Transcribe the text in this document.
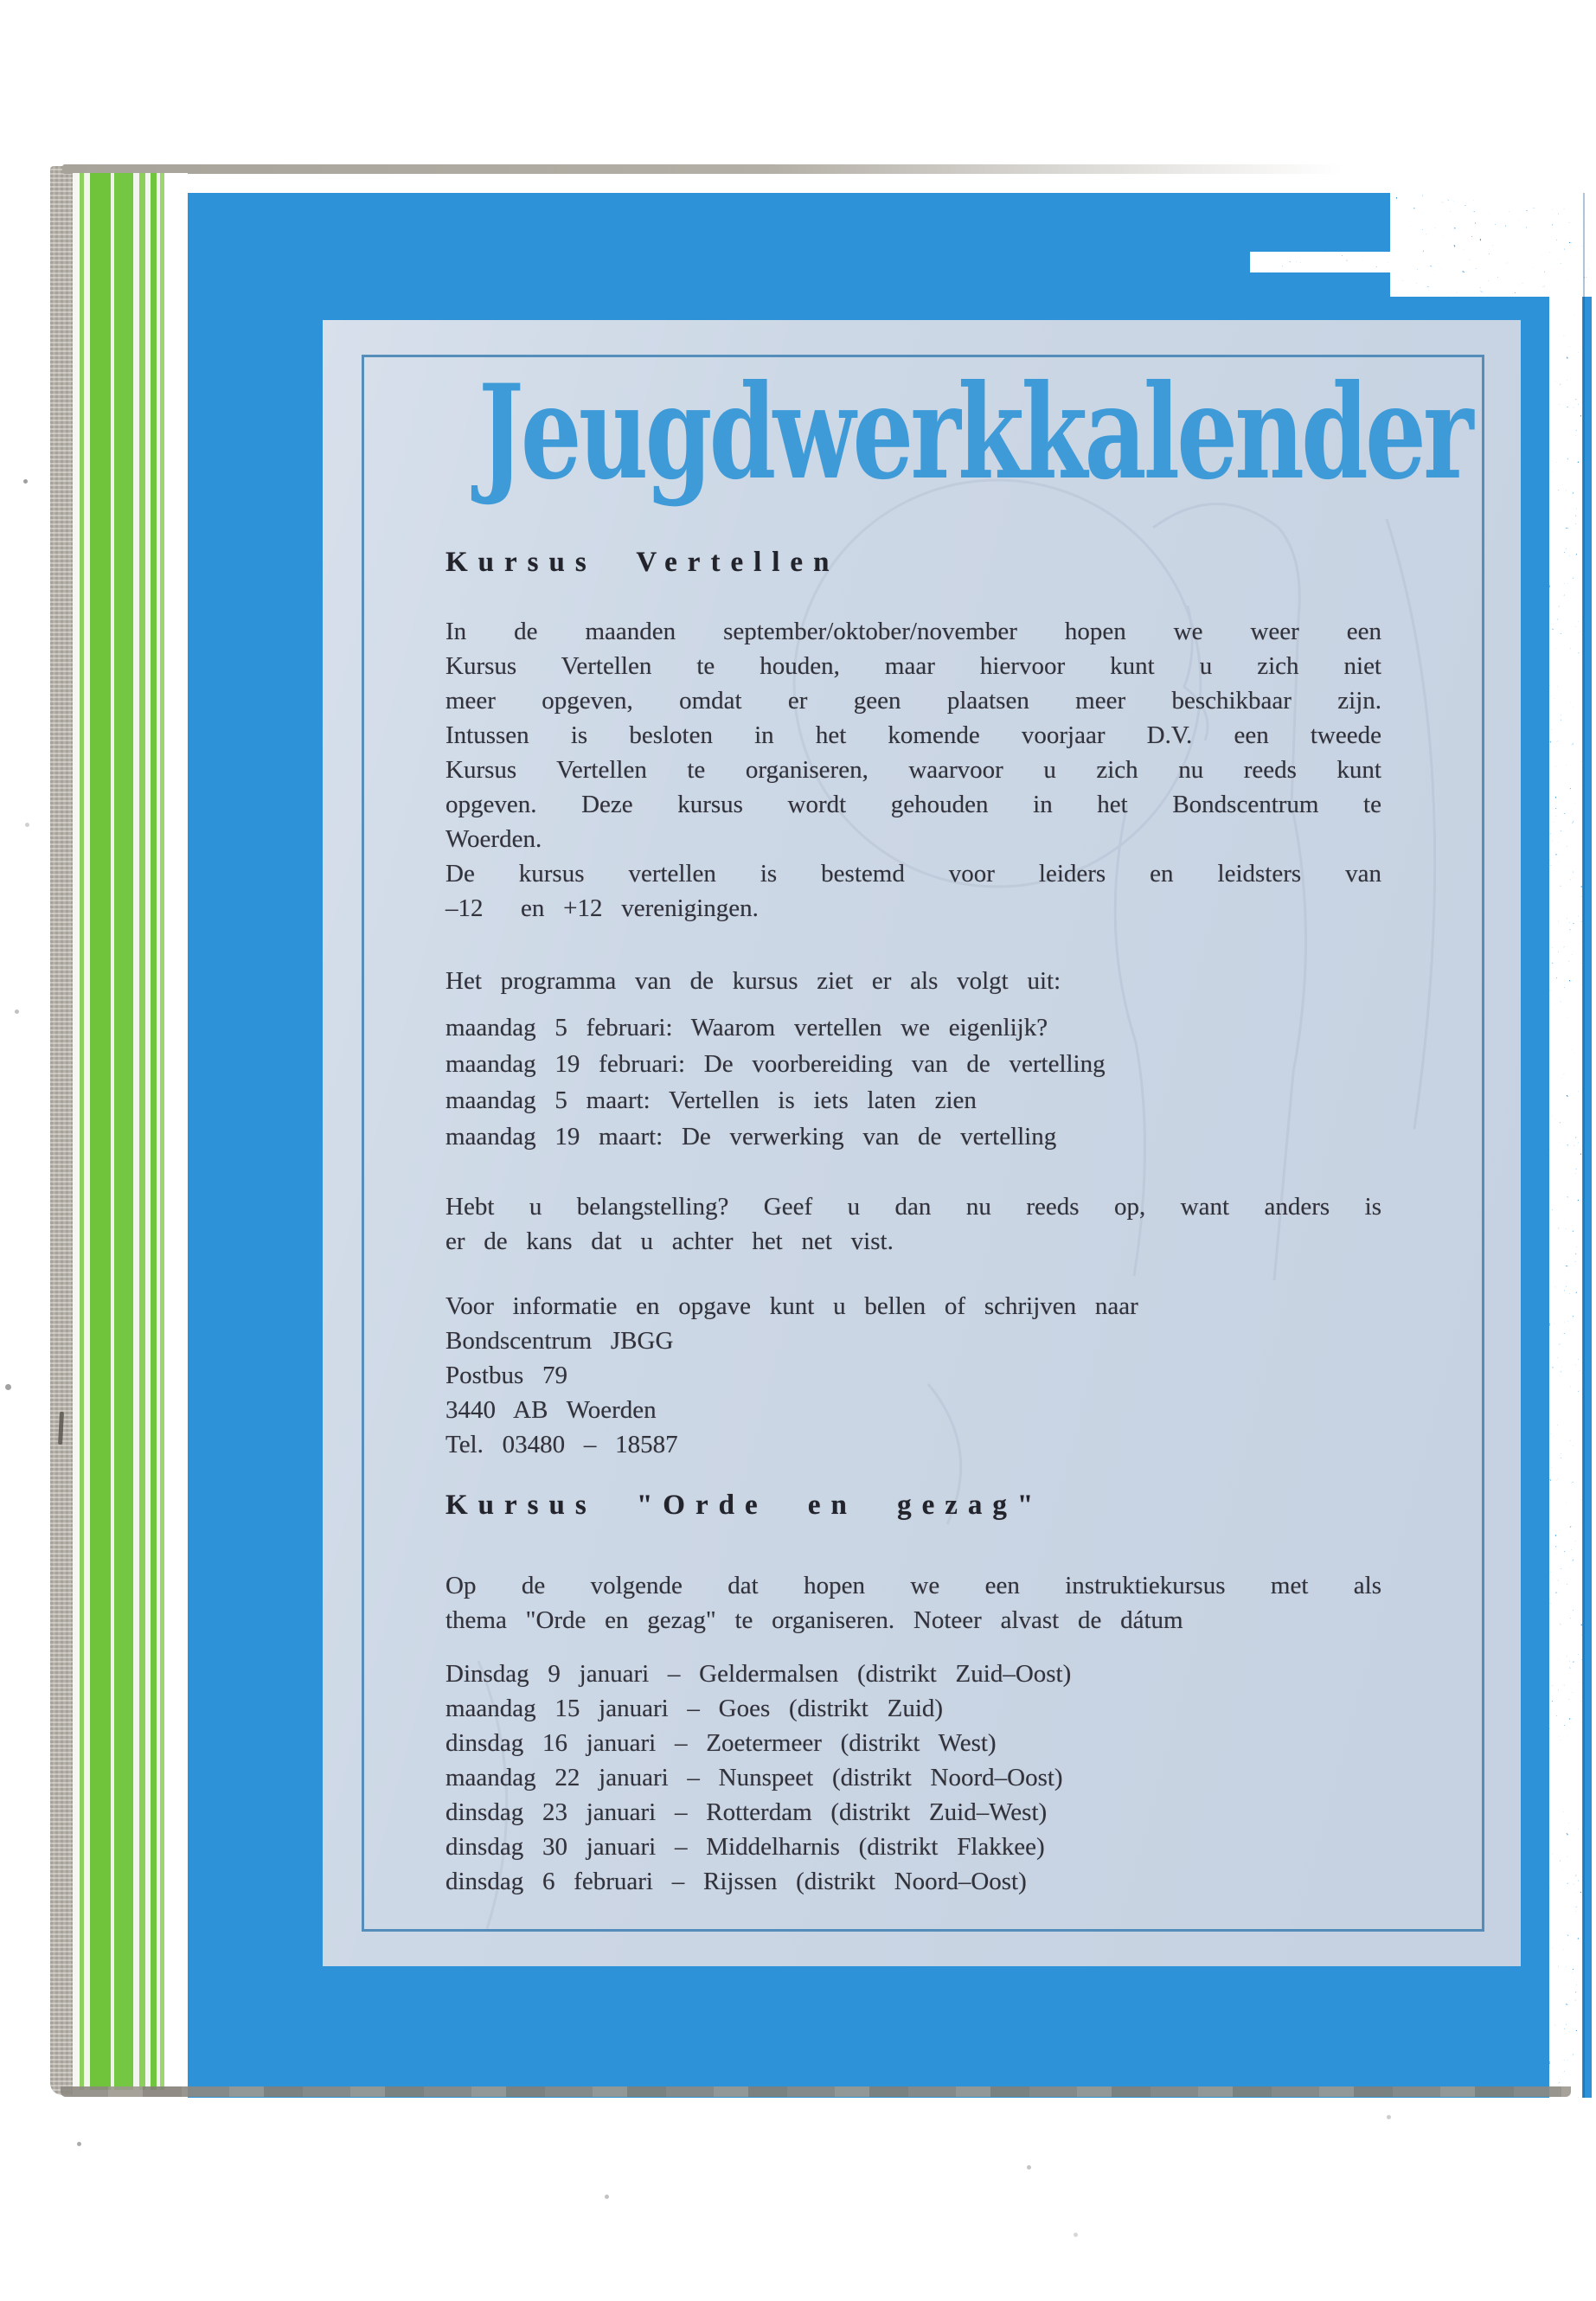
Jeugdwerkkalender
Kursus Vertellen
In de maanden september/oktober/november hopen we weer een
Kursus Vertellen te houden, maar hiervoor kunt u zich niet
meer opgeven, omdat er geen plaatsen meer beschikbaar zijn.
Intussen is besloten in het komende voorjaar D.V. een tweede
Kursus Vertellen te organiseren, waarvoor u zich nu reeds kunt
opgeven. Deze kursus wordt gehouden in het Bondscentrum te
Woerden.
De kursus vertellen is bestemd voor leiders en leidsters van
–12  en +12 verenigingen.
Het programma van de kursus ziet er als volgt uit:
maandag 5 februari: Waarom vertellen we eigenlijk?
maandag 19 februari: De voorbereiding van de vertelling
maandag 5 maart: Vertellen is iets laten zien
maandag 19 maart: De verwerking van de vertelling
Hebt u belangstelling? Geef u dan nu reeds op, want anders is
er de kans dat u achter het net vist.
Voor informatie en opgave kunt u bellen of schrijven naar
Bondscentrum JBGG
Postbus 79
3440 AB Woerden
Tel. 03480 – 18587
Kursus "Orde en gezag"
Op de volgende dat hopen we een instruktiekursus met als
thema "Orde en gezag" te organiseren. Noteer alvast de dátum
Dinsdag 9 januari – Geldermalsen (distrikt Zuid–Oost)
maandag 15 januari – Goes (distrikt Zuid)
dinsdag 16 januari – Zoetermeer (distrikt West)
maandag 22 januari – Nunspeet (distrikt Noord–Oost)
dinsdag 23 januari – Rotterdam (distrikt Zuid–West)
dinsdag 30 januari – Middelharnis (distrikt Flakkee)
dinsdag 6 februari – Rijssen (distrikt Noord–Oost)
